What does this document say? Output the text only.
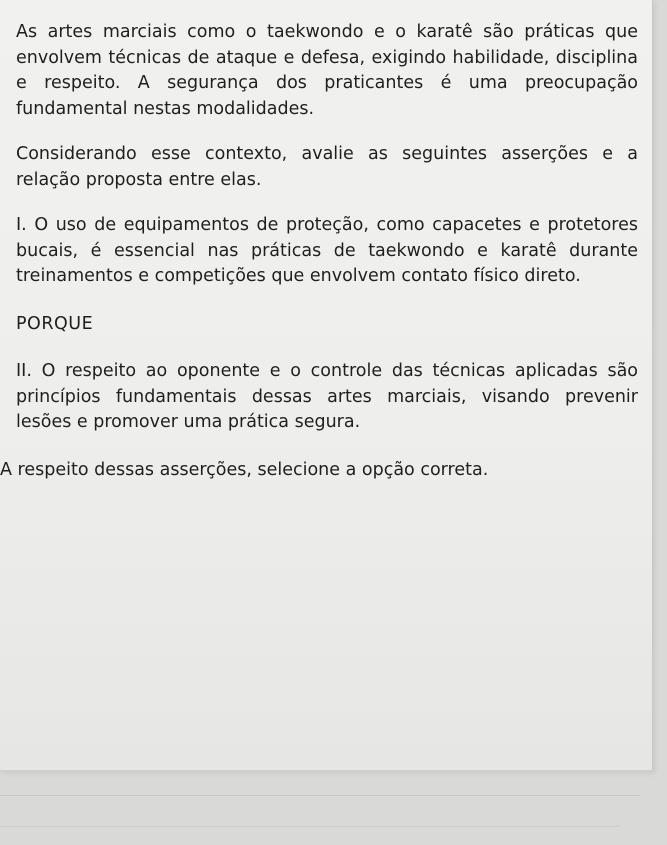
As artes marciais como o taekwondo e o karatê são práticas que envolvem técnicas de ataque e defesa, exigindo habilidade, disciplina e respeito. A segurança dos praticantes é uma preocupação fundamental nestas modalidades.

Considerando esse contexto, avalie as seguintes asserções e a relação proposta entre elas.

I. O uso de equipamentos de proteção, como capacetes e protetores bucais, é essencial nas práticas de taekwondo e karatê durante treinamentos e competições que envolvem contato físico direto.

PORQUE

II. O respeito ao oponente e o controle das técnicas aplicadas são princípios fundamentais dessas artes marciais, visando prevenir lesões e promover uma prática segura.

A respeito dessas asserções, selecione a opção correta.
